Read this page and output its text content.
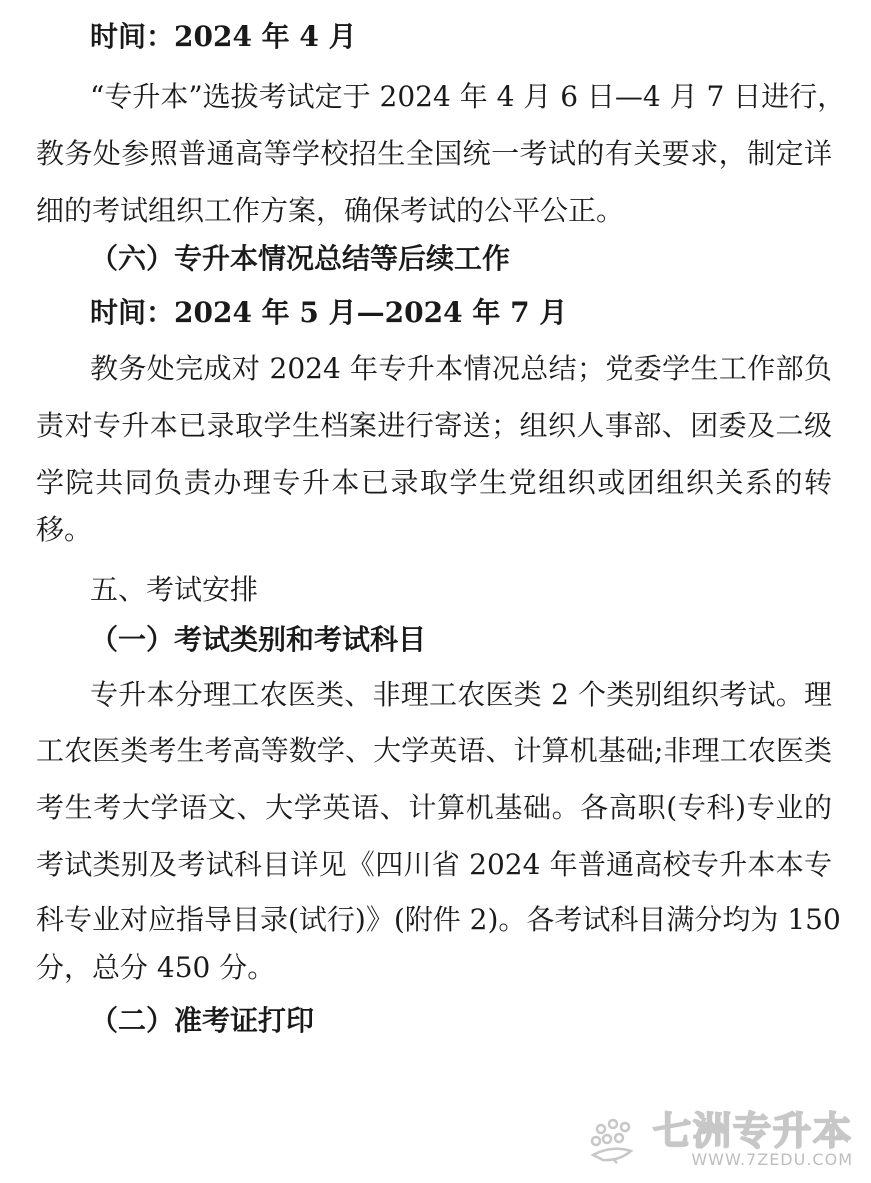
时间：2024 年 4 月
“专升本”选拔考试定于 2024 年 4 月 6 日—4 月 7 日进行，
教务处参照普通高等学校招生全国统一考试的有关要求，制定详
细的考试组织工作方案，确保考试的公平公正。
（六）专升本情况总结等后续工作
时间：2024 年 5 月—2024 年 7 月
教务处完成对 2024 年专升本情况总结；党委学生工作部负
责对专升本已录取学生档案进行寄送；组织人事部、团委及二级
学院共同负责办理专升本已录取学生党组织或团组织关系的转
移。
五、考试安排
（一）考试类别和考试科目
专升本分理工农医类、非理工农医类 2 个类别组织考试。理
工农医类考生考高等数学、大学英语、计算机基础;非理工农医类
考生考大学语文、大学英语、计算机基础。各高职(专科)专业的
考试类别及考试科目详见《四川省 2024 年普通高校专升本本专
科专业对应指导目录(试行)》(附件 2)。各考试科目满分均为 150
分，总分 450 分。
（二）准考证打印
七洲专升本
WWW.7ZEDU.COM
